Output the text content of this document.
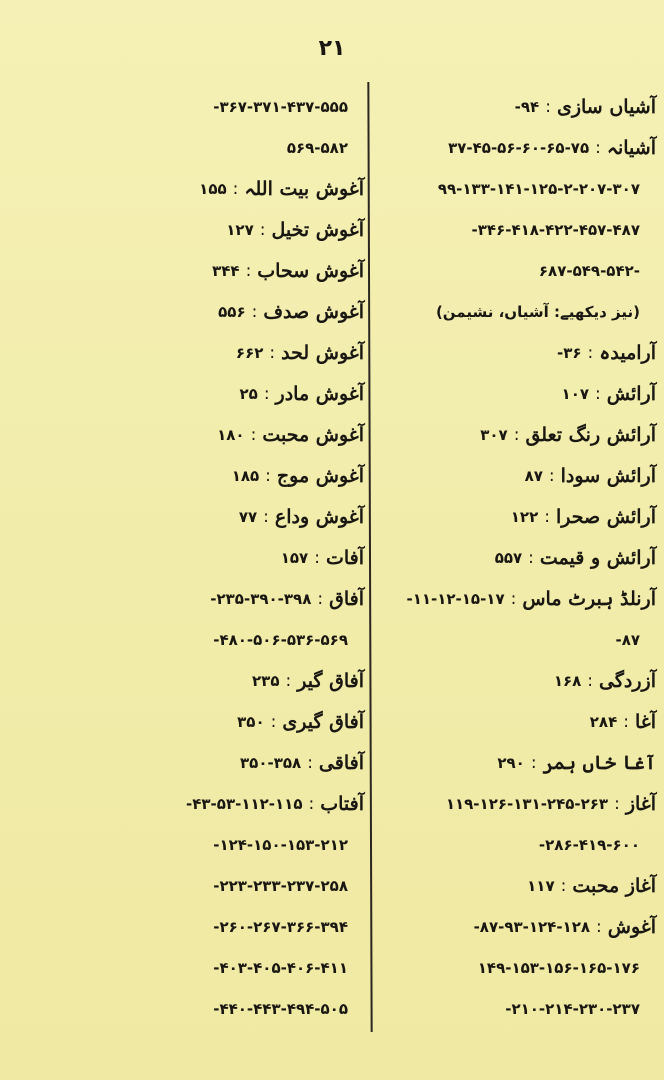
۲۱
آشیاں سازی
:
۹۴-
آشیانہ
:
۳۷-۴۵-۵۶-۶۰-۶۵-۷۵
۹۹-۱۳۳-۱۴۱-۱۲۵-۲-۲۰۷-۳۰۷
۳۴۶-۴۱۸-۴۲۲-۴۵۷-۴۸۷-
-۶۸۷-۵۴۹-۵۴۲
(نیز دیکھیے: آشیاں، نشیمن)
آرامیدہ
:
۳۶-
آرائش
:
۱۰۷
آرائش رنگ تعلق
:
۳۰۷
آرائش سودا
:
۸۷
آرائش صحرا
:
۱۲۲
آرائش و قیمت
:
۵۵۷
آرنلڈ ہبرٹ ماس
:
۱۱-۱۲-۱۵-۱۷-
۸۷-
آزردگی
:
۱۶۸
آغا
:
۲۸۴
آغا خاں ہمر
:
۲۹۰
آغاز
:
۱۱۹-۱۲۶-۱۳۱-۲۴۵-۲۶۳
۲۸۶-۴۱۹-۶۰۰-
آغاز محبت
:
۱۱۷
آغوش
:
۸۷-۹۳-۱۲۴-۱۲۸-
۱۴۹-۱۵۳-۱۵۶-۱۶۵-۱۷۶
۲۱۰-۲۱۴-۲۳۰-۲۳۷-
۳۶۷-۳۷۱-۴۳۷-۵۵۵-
۵۶۹-۵۸۲
آغوش بیت اللہ
:
۱۵۵
آغوش تخیل
:
۱۲۷
آغوش سحاب
:
۳۴۴
آغوش صدف
:
۵۵۶
آغوش لحد
:
۶۶۲
آغوش مادر
:
۲۵
آغوش محبت
:
۱۸۰
آغوش موج
:
۱۸۵
آغوش وداع
:
۷۷
آفات
:
۱۵۷
آفاق
:
۲۳۵-۳۹۰-۳۹۸-
۴۸۰-۵۰۶-۵۳۶-۵۶۹-
آفاق گیر
:
۲۳۵
آفاق گیری
:
۳۵۰
آفاقی
:
۳۵۰-۳۵۸
آفتاب
:
۴۳-۵۳-۱۱۲-۱۱۵-
۱۲۴-۱۵۰-۱۵۳-۲۱۲-
۲۲۳-۲۳۳-۲۳۷-۲۵۸-
۲۶۰-۲۶۷-۳۶۶-۳۹۴-
۴۰۳-۴۰۵-۴۰۶-۴۱۱-
۴۴۰-۴۴۳-۴۹۴-۵۰۵-
